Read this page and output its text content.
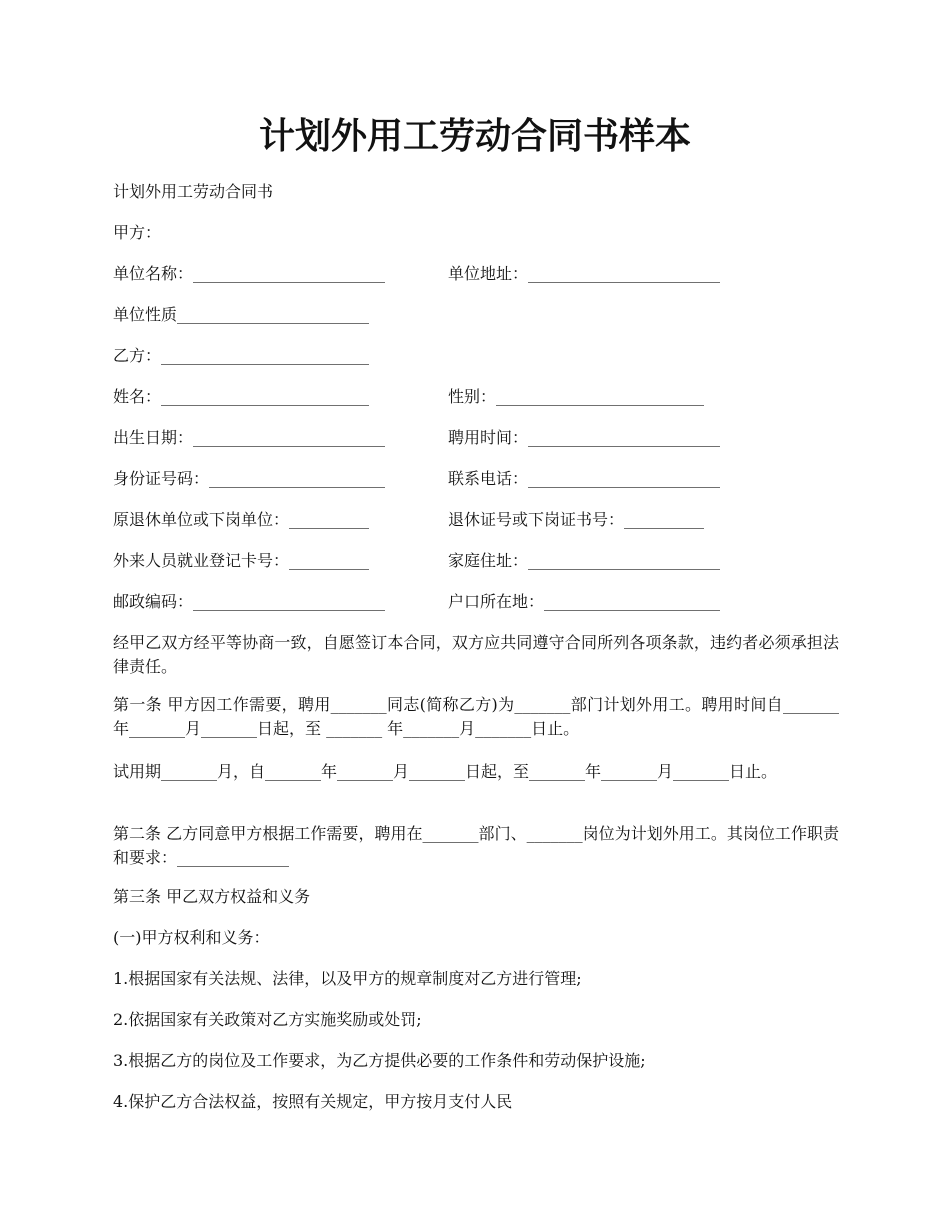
计划外用工劳动合同书样本

计划外用工劳动合同书

甲方：

单位名称：________________________	单位地址：________________________
单位性质________________________
乙方：__________________________
姓名：__________________________	性别：__________________________
出生日期：________________________	聘用时间：________________________
身份证号码：______________________	联系电话：________________________
原退休单位或下岗单位：__________	退休证号或下岗证书号：__________
外来人员就业登记卡号：__________	家庭住址：________________________
邮政编码：________________________	户口所在地：______________________

经甲乙双方经平等协商一致，自愿签订本合同，双方应共同遵守合同所列各项条款，违约者必须承担法律责任。

第一条 甲方因工作需要，聘用_______同志(简称乙方)为_______部门计划外用工。聘用时间自_______年_______月_______日起，至 _______ 年_______月_______日止。

试用期_______月，自_______年_______月_______日起，至_______年_______月_______日止。

第二条 乙方同意甲方根据工作需要，聘用在_______部门、_______岗位为计划外用工。其岗位工作职责和要求：______________

第三条 甲乙双方权益和义务

(一)甲方权利和义务：

1.根据国家有关法规、法律，以及甲方的规章制度对乙方进行管理;

2.依据国家有关政策对乙方实施奖励或处罚;

3.根据乙方的岗位及工作要求，为乙方提供必要的工作条件和劳动保护设施;

4.保护乙方合法权益，按照有关规定，甲方按月支付人民
